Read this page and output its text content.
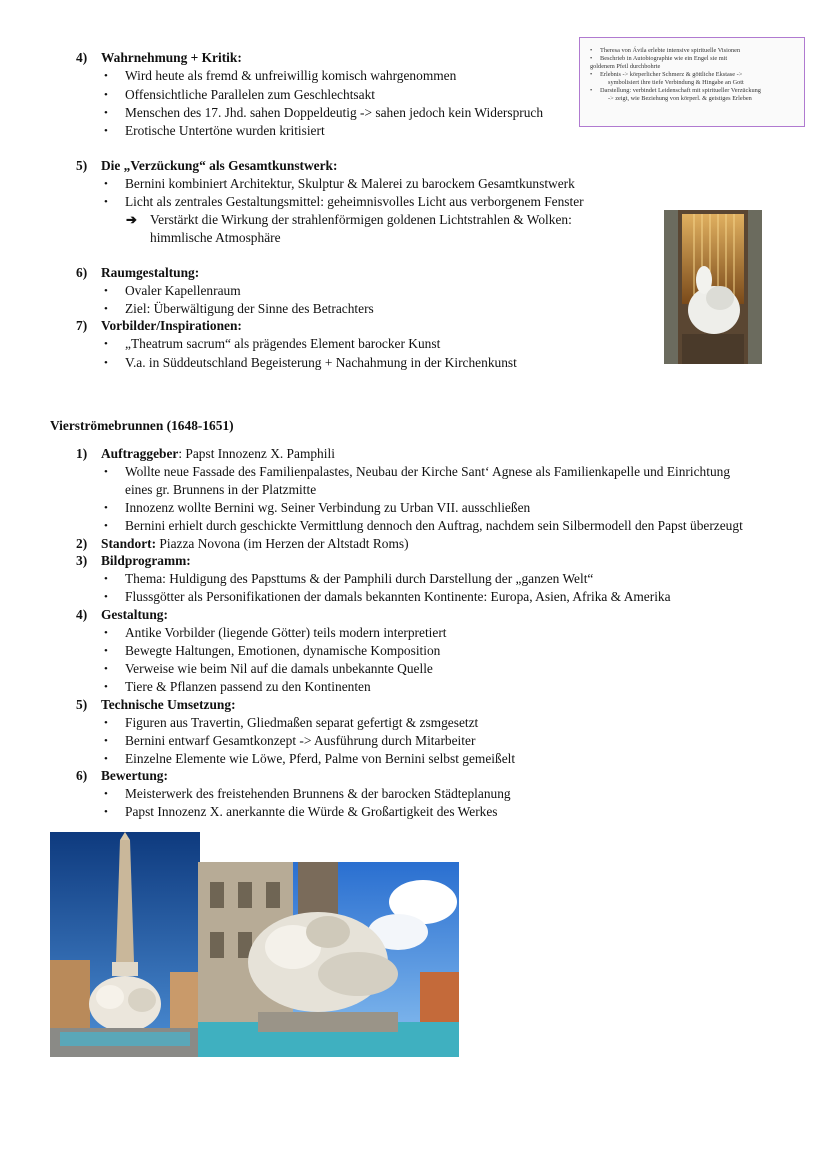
• Theresa von Ávila erlebte intensive spirituelle Visionen
• Beschrieb in Autobiographie wie ein Engel sie mit
goldenem Pfeil durchbohrte
• Erlebnis -> körperlicher Schmerz & göttliche Ekstase ->
symbolisiert ihre tiefe Verbindung & Hingabe an Gott
• Darstellung: verbindet Leidenschaft mit spiritueller Verzückung
-> zeigt, wie Beziehung von körperl. & geistiges Erleben
4) Wahrnehmung + Kritik:
• Wird heute als fremd & unfreiwillig komisch wahrgenommen
• Offensichtliche Parallelen zum Geschlechtsakt
• Menschen des 17. Jhd. sahen Doppeldeutig -> sahen jedoch kein Widerspruch
• Erotische Untertöne wurden kritisiert
5) Die „Verzückung“ als Gesamtkunstwerk:
• Bernini kombiniert Architektur, Skulptur & Malerei zu barockem Gesamtkunstwerk
• Licht als zentrales Gestaltungsmittel: geheimnisvolles Licht aus verborgenem Fenster
➔ Verstärkt die Wirkung der strahlenförmigen goldenen Lichtstrahlen & Wolken:
himmlische Atmosphäre
6) Raumgestaltung:
• Ovaler Kapellenraum
• Ziel: Überwältigung der Sinne des Betrachters
7) Vorbilder/Inspirationen:
• „Theatrum sacrum“ als prägendes Element barocker Kunst
• V.a. in Süddeutschland Begeisterung + Nachahmung in der Kirchenkunst
Vierströmebrunnen (1648-1651)
1) Auftraggeber: Papst Innozenz X. Pamphili
• Wollte neue Fassade des Familienpalastes, Neubau der Kirche Sant‘ Agnese als Familienkapelle und Einrichtung
eines gr. Brunnens in der Platzmitte
• Innozenz wollte Bernini wg. Seiner Verbindung zu Urban VII. ausschließen
• Bernini erhielt durch geschickte Vermittlung dennoch den Auftrag, nachdem sein Silbermodell den Papst überzeugt
2) Standort: Piazza Novona (im Herzen der Altstadt Roms)
3) Bildprogramm:
• Thema: Huldigung des Papsttums & der Pamphili durch Darstellung der „ganzen Welt“
• Flussgötter als Personifikationen der damals bekannten Kontinente: Europa, Asien, Afrika & Amerika
4) Gestaltung:
• Antike Vorbilder (liegende Götter) teils modern interpretiert
• Bewegte Haltungen, Emotionen, dynamische Komposition
• Verweise wie beim Nil auf die damals unbekannte Quelle
• Tiere & Pflanzen passend zu den Kontinenten
5) Technische Umsetzung:
• Figuren aus Travertin, Gliedmaßen separat gefertigt & zsmgesetzt
• Bernini entwarf Gesamtkonzept -> Ausführung durch Mitarbeiter
• Einzelne Elemente wie Löwe, Pferd, Palme von Bernini selbst gemeißelt
6) Bewertung:
• Meisterwerk des freistehenden Brunnens & der barocken Städteplanung
• Papst Innozenz X. anerkannte die Würde & Großartigkeit des Werkes
